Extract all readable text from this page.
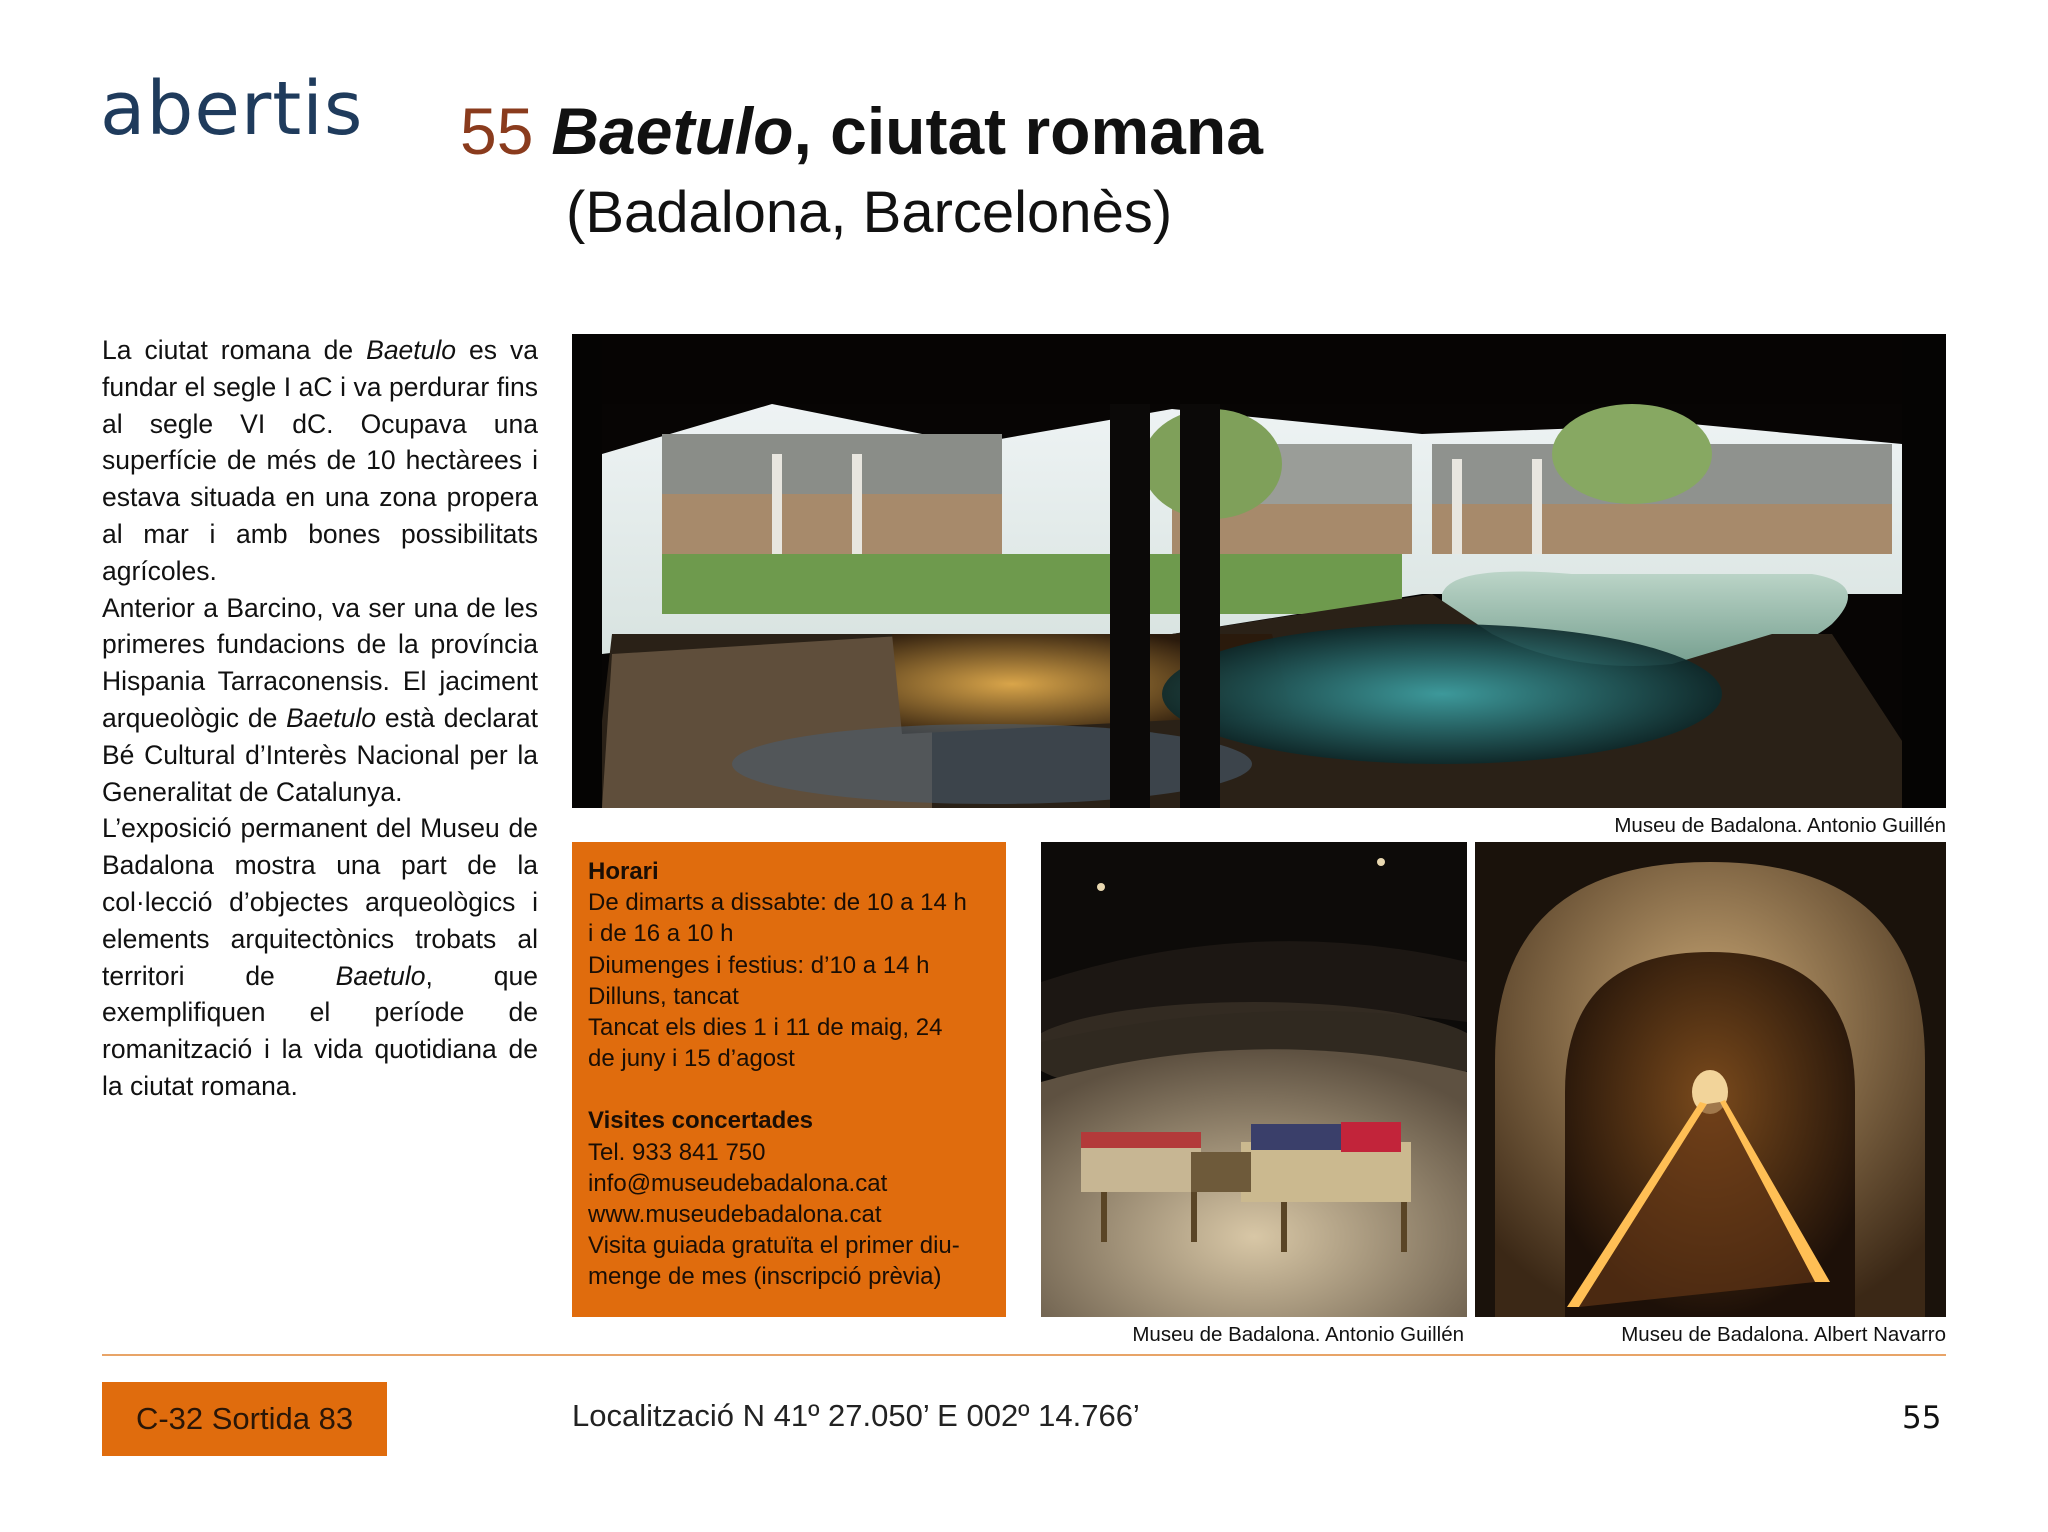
abertis 55 Baetulo, ciutat romana
(Badalona, Barcelonès)

La ciutat romana de Baetulo es va fundar el segle I aC i va perdurar fins al segle VI dC. Ocupava una superfície de més de 10 hectàrees i estava situada en una zona propera al mar i amb bones possibilitats agrícoles.

Anterior a Barcino, va ser una de les primeres fundacions de la província Hispania Tarraconensis. El jaciment arqueològic de Baetulo està declarat Bé Cultural d’Interès Nacional per la Generalitat de Catalunya.

L’exposició permanent del Museu de Badalona mostra una part de la col·lecció d’objectes arqueològics i elements arquitectònics trobats al territori de Baetulo, que exemplifiquen el període de romanització i la vida quotidiana de la ciutat romana.

Museu de Badalona. Antonio Guillén
Horari
De dimarts a dissabte: de 10 a 14 h
i de 16 a 10 h
Diumenges i festius: d’10 a 14 h
Dilluns, tancat
Tancat els dies 1 i 11 de maig, 24
de juny i 15 d’agost
Visites concertades
Tel. 933 841 750
info@museudebadalona.cat
www.museudebadalona.cat
Visita guiada gratuïta el primer diu-
menge de mes (inscripció prèvia)
Museu de Badalona. Antonio Guillén	Museu de Badalona. Albert Navarro
C-32 Sortida 83	Localització N 41º 27.050’ E 002º 14.766’	55
